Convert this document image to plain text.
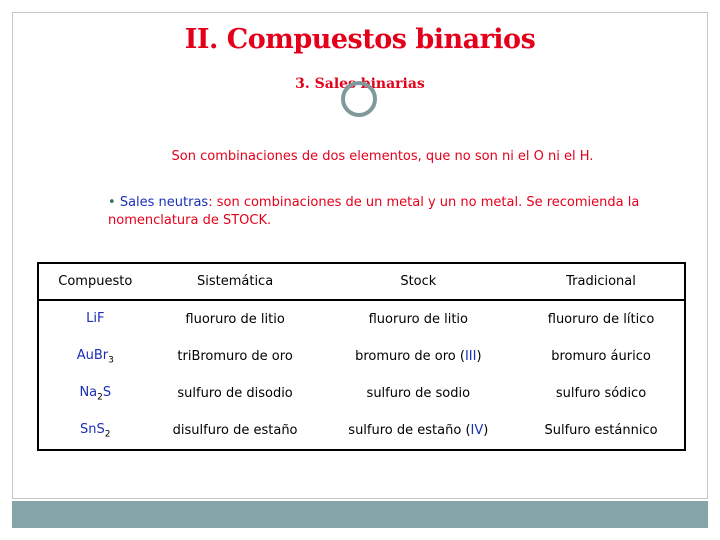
II. Compuestos binarios
3. Sales binarias
Son combinaciones de dos elementos, que no son ni el O ni el H.
• Sales neutras: son combinaciones de un metal y un no metal. Se recomienda la nomenclatura de STOCK.
Compuesto	Sistemática	Stock	Tradicional
LiF	fluoruro de litio	fluoruro de litio	fluoruro de lítico
AuBr$_3$	triBromuro de oro	bromuro de oro (III)	bromuro áurico
$Na_2S$	sulfuro de disodio	sulfuro de sodio	sulfuro sódico
SnS$_2$	disulfuro de estaño	sulfuro de estaño (IV)	Sulfuro estánnico
